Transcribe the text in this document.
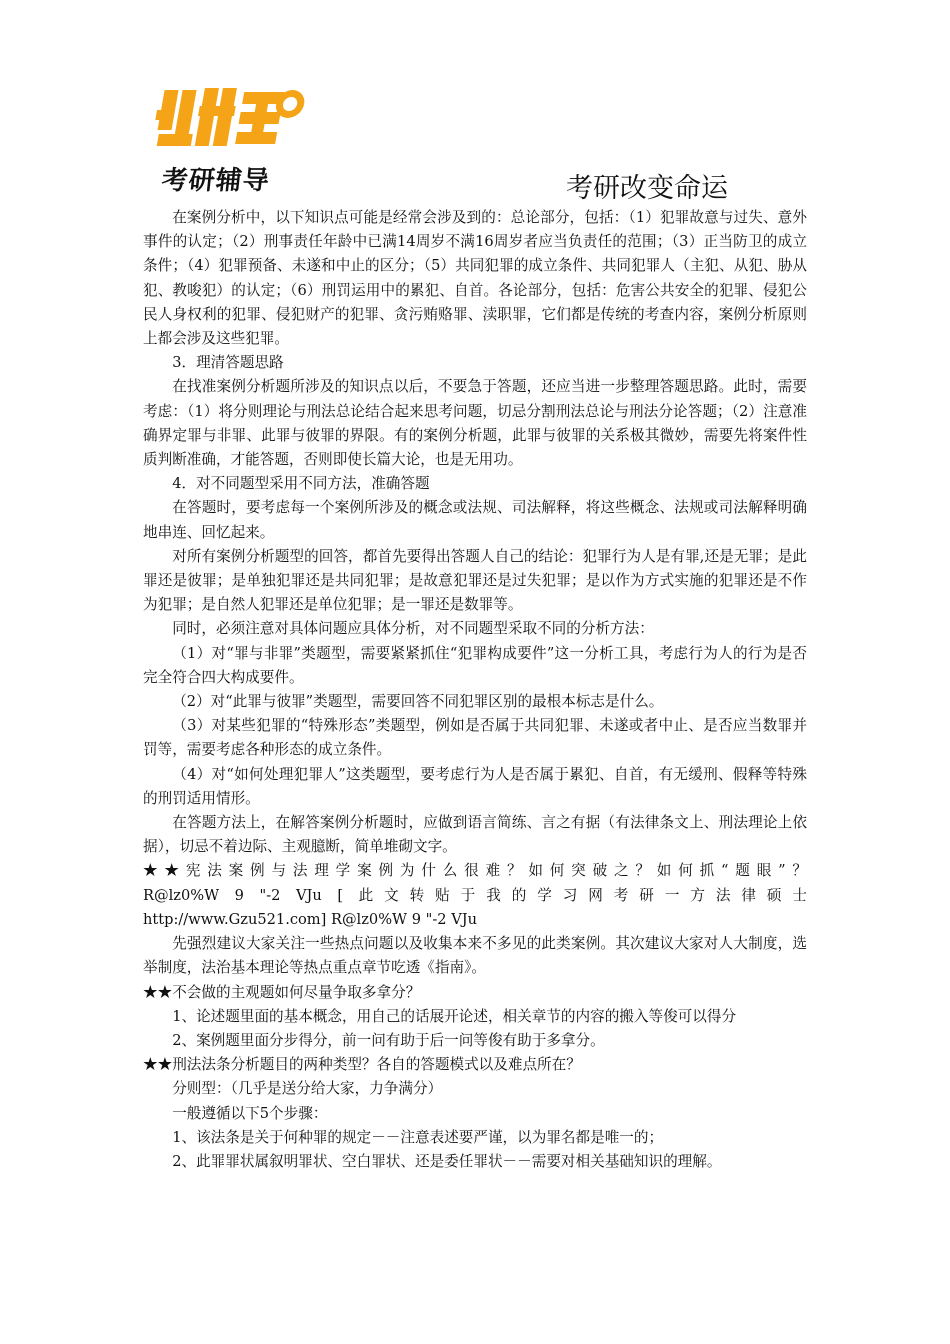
考研辅导	考研改变命运

在案例分析中，以下知识点可能是经常会涉及到的：总论部分，包括：（1）犯罪故意与过失、意外事件的认定；（2）刑事责任年龄中已满14周岁不满16周岁者应当负责任的范围；（3）正当防卫的成立条件；（4）犯罪预备、未遂和中止的区分；（5）共同犯罪的成立条件、共同犯罪人（主犯、从犯、胁从犯、教唆犯）的认定；（6）刑罚运用中的累犯、自首。各论部分，包括：危害公共安全的犯罪、侵犯公民人身权利的犯罪、侵犯财产的犯罪、贪污贿赂罪、渎职罪，它们都是传统的考查内容，案例分析原则上都会涉及这些犯罪。

3．理清答题思路

在找准案例分析题所涉及的知识点以后，不要急于答题，还应当进一步整理答题思路。此时，需要考虑：（1）将分则理论与刑法总论结合起来思考问题，切忌分割刑法总论与刑法分论答题；（2）注意准确界定罪与非罪、此罪与彼罪的界限。有的案例分析题，此罪与彼罪的关系极其微妙，需要先将案件性质判断准确，才能答题，否则即使长篇大论，也是无用功。

4．对不同题型采用不同方法，准确答题

在答题时，要考虑每一个案例所涉及的概念或法规、司法解释，将这些概念、法规或司法解释明确地串连、回忆起来。

对所有案例分析题型的回答，都首先要得出答题人自己的结论：犯罪行为人是有罪,还是无罪；是此罪还是彼罪；是单独犯罪还是共同犯罪；是故意犯罪还是过失犯罪；是以作为方式实施的犯罪还是不作为犯罪；是自然人犯罪还是单位犯罪；是一罪还是数罪等。

同时，必须注意对具体问题应具体分析，对不同题型采取不同的分析方法：

（1）对“罪与非罪”类题型，需要紧紧抓住“犯罪构成要件”这一分析工具，考虑行为人的行为是否完全符合四大构成要件。

（2）对“此罪与彼罪”类题型，需要回答不同犯罪区别的最根本标志是什么。

（3）对某些犯罪的“特殊形态”类题型，例如是否属于共同犯罪、未遂或者中止、是否应当数罪并罚等，需要考虑各种形态的成立条件。

（4）对“如何处理犯罪人”这类题型，要考虑行为人是否属于累犯、自首，有无缓刑、假释等特殊的刑罚适用情形。

在答题方法上，在解答案例分析题时，应做到语言简练、言之有据（有法律条文上、刑法理论上依据），切忌不着边际、主观臆断，简单堆砌文字。

★★宪法案例与法理学案例为什么很难？如何突破之？如何抓“题眼”？

R@lz0%W 9 "-2 VJu [ 此文转贴于我的学习网考研一方法律硕士

http://www.Gzu521.com] R@lz0%W 9 "-2 VJu

先强烈建议大家关注一些热点问题以及收集本来不多见的此类案例。其次建议大家对人大制度，选举制度，法治基本理论等热点重点章节吃透《指南》。

★★不会做的主观题如何尽量争取多拿分？

1、论述题里面的基本概念，用自己的话展开论述，相关章节的内容的搬入等俊可以得分

2、案例题里面分步得分，前一问有助于后一问等俊有助于多拿分。

★★刑法法条分析题目的两种类型？各自的答题模式以及难点所在？

分则型：（几乎是送分给大家，力争满分）

一般遵循以下5个步骤：

1、该法条是关于何种罪的规定－－注意表述要严谨，以为罪名都是唯一的；

2、此罪罪状属叙明罪状、空白罪状、还是委任罪状－－需要对相关基础知识的理解。
